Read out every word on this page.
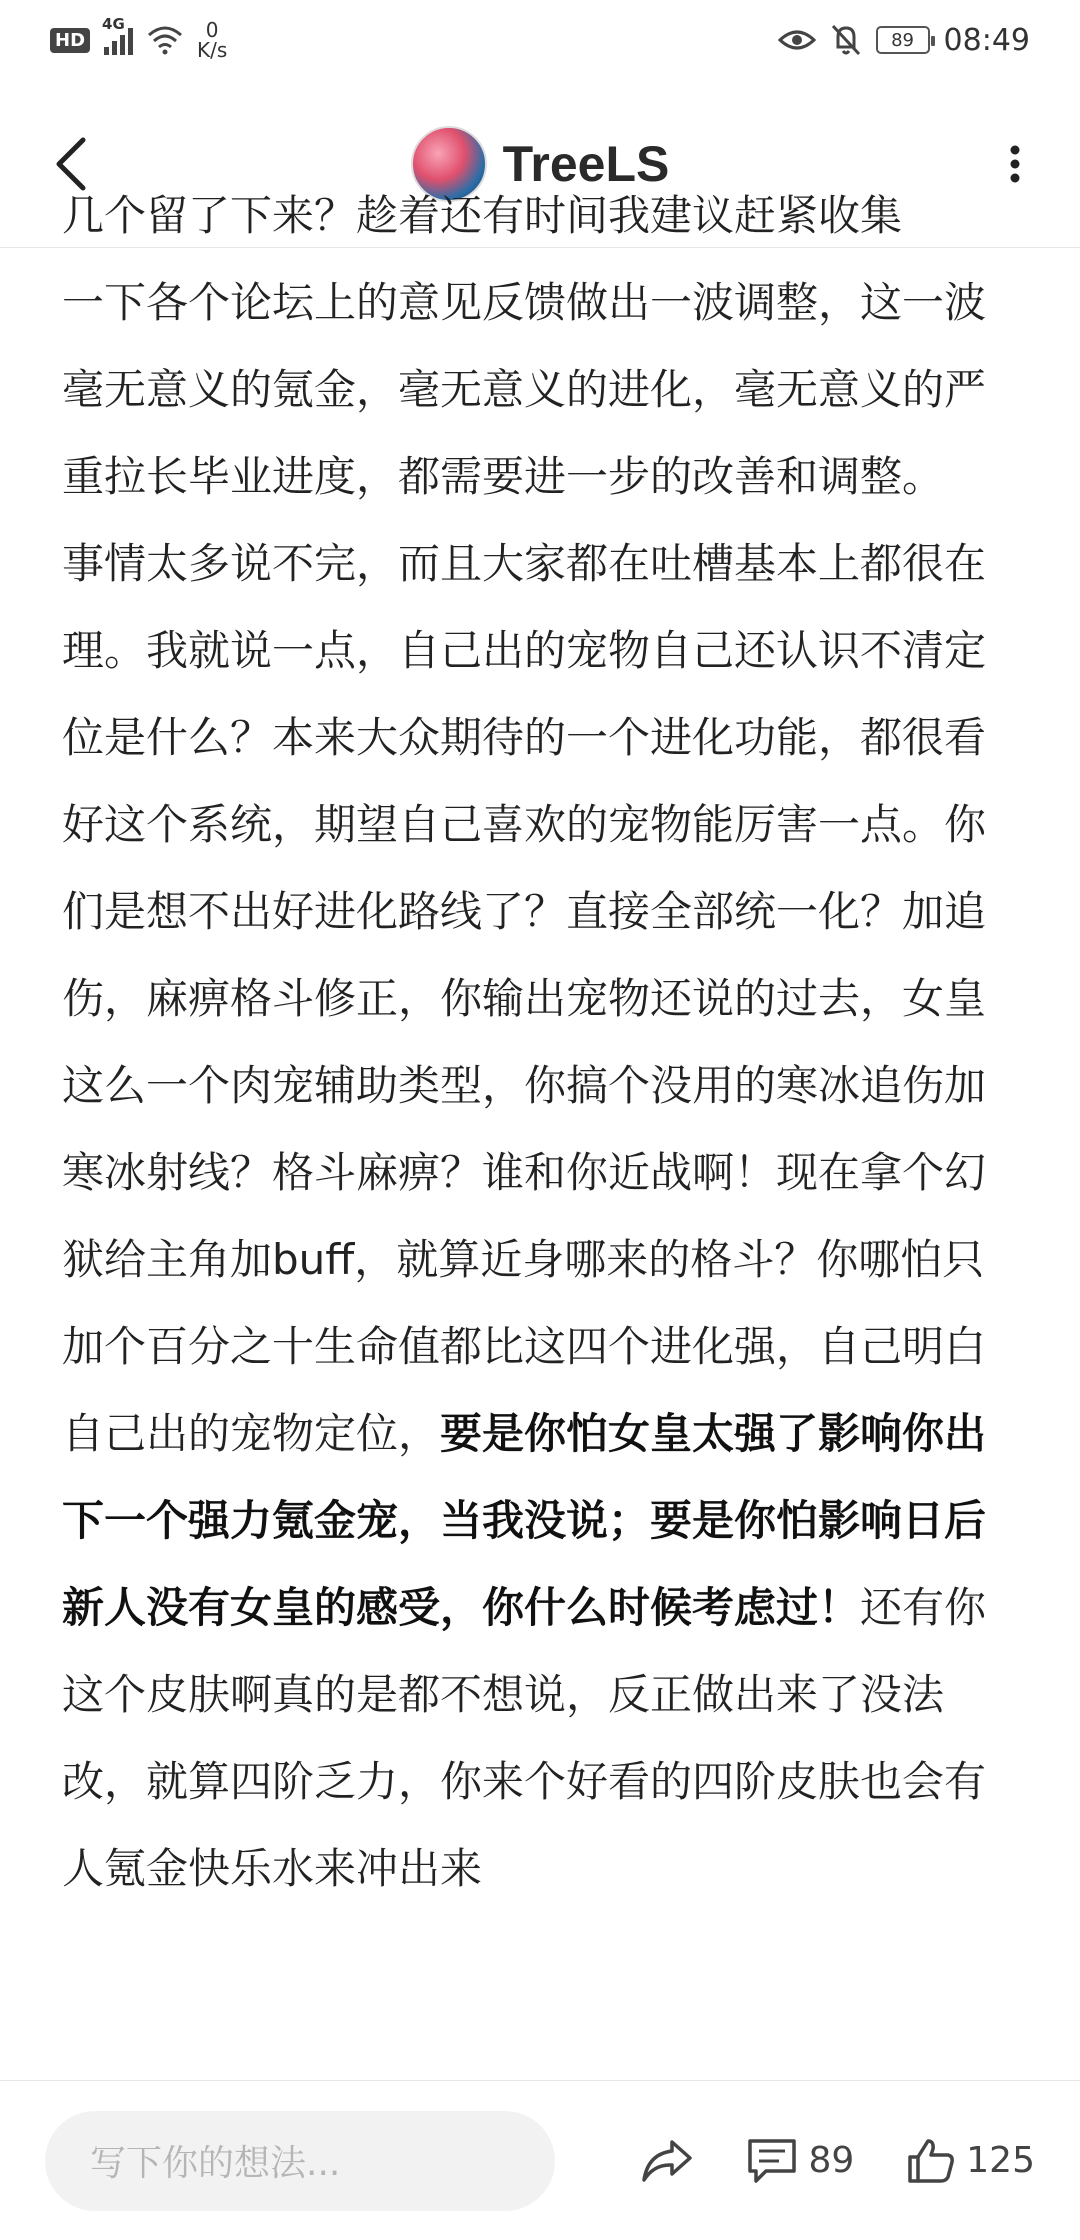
HD
4G	0
K/s	89 08:49
TreeLS

几个留了下来？趁着还有时间我建议赶紧收集

一下各个论坛上的意见反馈做出一波调整，这一波毫无意义的氪金，毫无意义的进化，毫无意义的严重拉长毕业进度，都需要进一步的改善和调整。

事情太多说不完，而且大家都在吐槽基本上都很在理。我就说一点，自己出的宠物自己还认识不清定位是什么？本来大众期待的一个进化功能，都很看好这个系统，期望自己喜欢的宠物能厉害一点。你们是想不出好进化路线了？直接全部统一化？加追伤，麻痹格斗修正，你输出宠物还说的过去，女皇这么一个肉宠辅助类型，你搞个没用的寒冰追伤加寒冰射线？格斗麻痹？谁和你近战啊！现在拿个幻狱给主角加buff，就算近身哪来的格斗？你哪怕只加个百分之十生命值都比这四个进化强，自己明白自己出的宠物定位，要是你怕女皇太强了影响你出下一个强力氪金宠，当我没说；要是你怕影响日后新人没有女皇的感受，你什么时候考虑过！还有你这个皮肤啊真的是都不想说，反正做出来了没法改，就算四阶乏力，你来个好看的四阶皮肤也会有人氪金快乐水来冲出来

写下你的想法...	89	125
